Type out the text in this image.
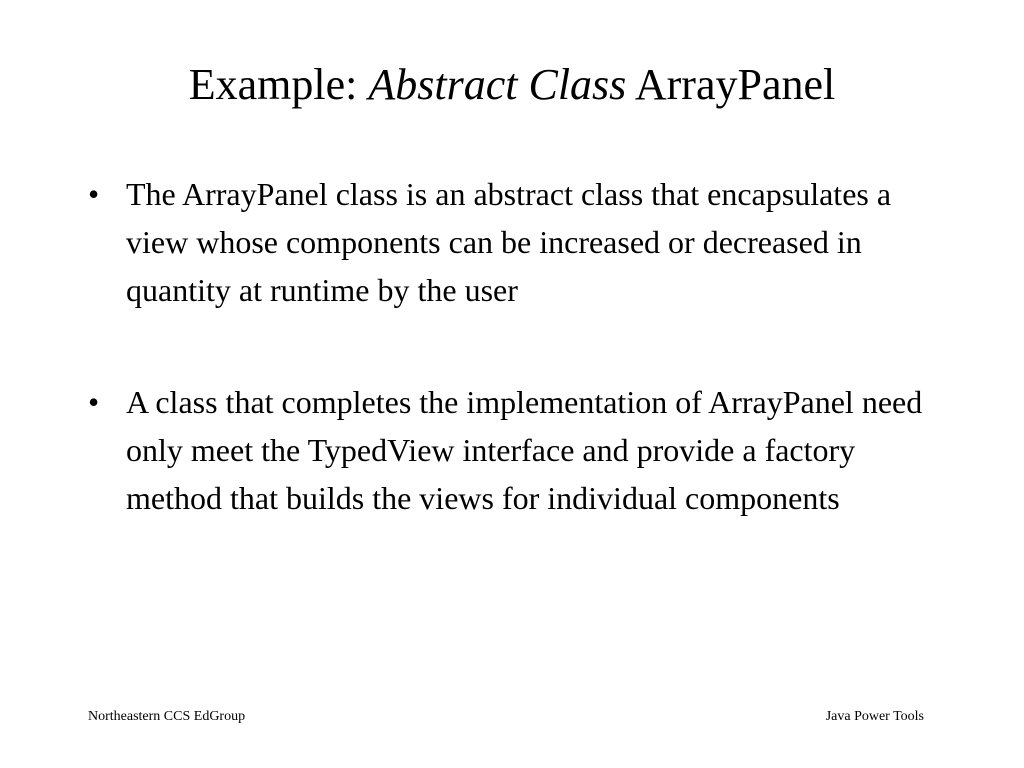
Example: Abstract Class ArrayPanel
• The ArrayPanel class is an abstract class that encapsulates a view whose components can be increased or decreased in quantity at runtime by the user
• A class that completes the implementation of ArrayPanel need only meet the TypedView interface and provide a factory method that builds the views for individual components
Northeastern CCS EdGroup	Java Power Tools
